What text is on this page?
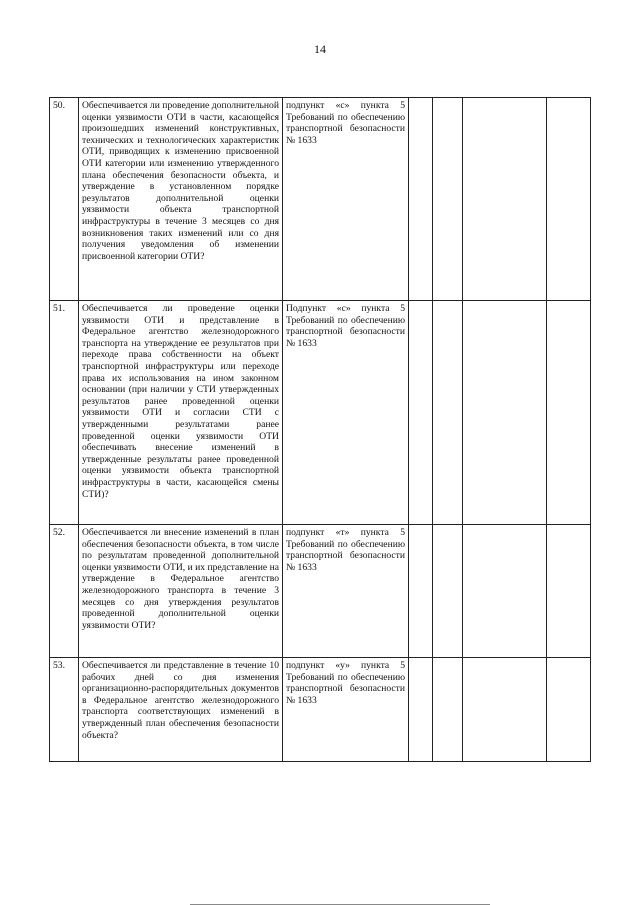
14
50.	Обеспечивается ли проведение дополнительной оценки уязвимости ОТИ в части, касающейся произошедших изменений конструктивных, технических и технологических характеристик ОТИ, приводящих к изменению присвоенной ОТИ категории или изменению утвержденного плана обеспечения безопасности объекта, и утверждение в установленном порядке результатов дополнительной оценки уязвимости объекта транспортной инфраструктуры в течение 3 месяцев со дня возникновения таких изменений или со дня получения уведомления об изменении присвоенной категории ОТИ?	подпункт «с» пункта 5 Требований по обеспечению транспортной безопасности № 1633				
51.	Обеспечивается ли проведение оценки уязвимости ОТИ и представление в Федеральное агентство железнодорожного транспорта на утверждение ее результатов при переходе права собственности на объект транспортной инфраструктуры или переходе права их использования на ином законном основании (при наличии у СТИ утвержденных результатов ранее проведенной оценки уязвимости ОТИ и согласии СТИ с утвержденными результатами ранее проведенной оценки уязвимости ОТИ обеспечивать внесение изменений в утвержденные результаты ранее проведенной оценки уязвимости объекта транспортной инфраструктуры в части, касающейся смены СТИ)?	Подпункт «с» пункта 5 Требований по обеспечению транспортной безопасности № 1633				
52.	Обеспечивается ли внесение изменений в план обеспечения безопасности объекта, в том числе по результатам проведенной дополнительной оценки уязвимости ОТИ, и их представление на утверждение в Федеральное агентство железнодорожного транспорта в течение 3 месяцев со дня утверждения результатов проведенной дополнительной оценки уязвимости ОТИ?	подпункт «т» пункта 5 Требований по обеспечению транспортной безопасности № 1633				
53.	Обеспечивается ли представление в течение 10 рабочих дней со дня изменения организационно-распорядительных документов в Федеральное агентство железнодорожного транспорта соответствующих изменений в утвержденный план обеспечения безопасности объекта?	подпункт «у» пункта 5 Требований по обеспечению транспортной безопасности № 1633				
